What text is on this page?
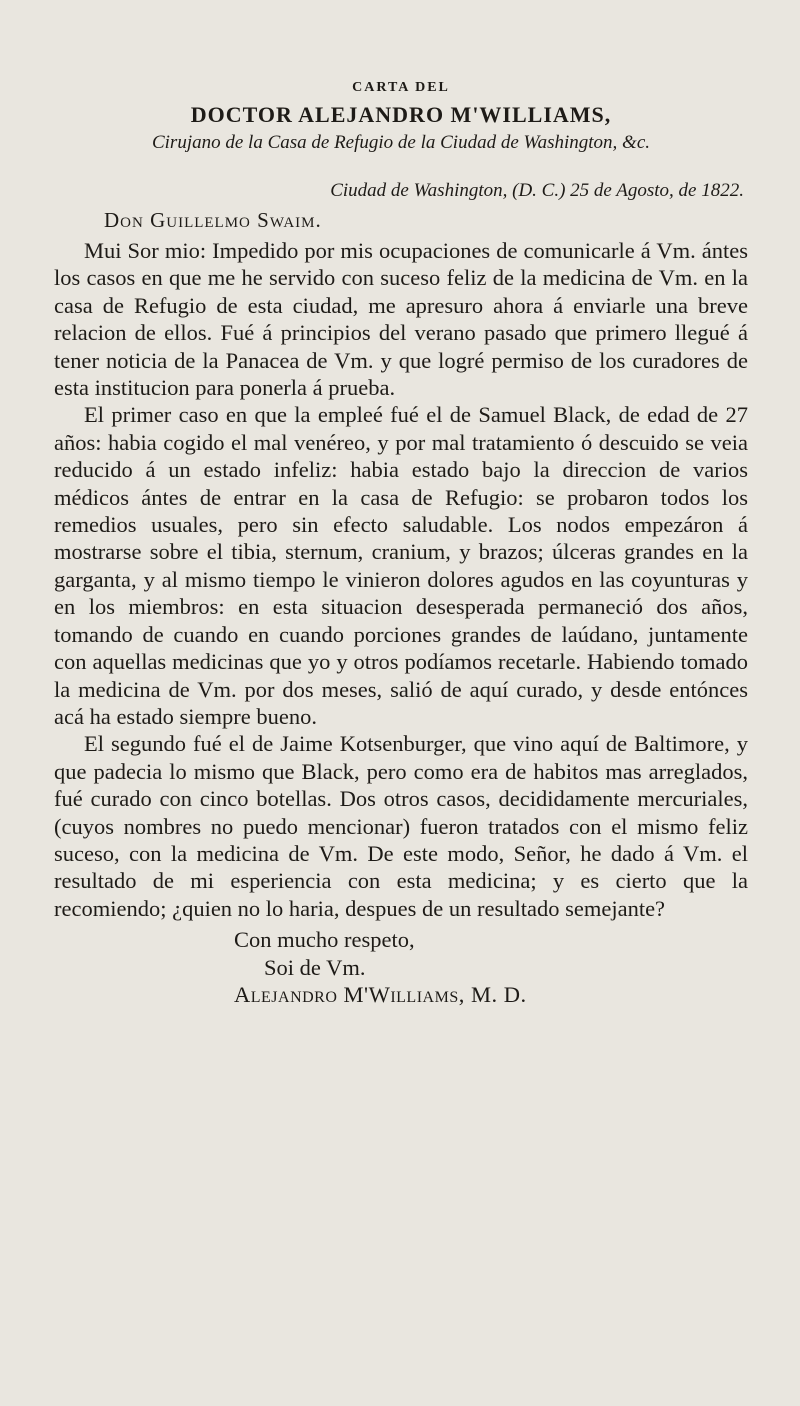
CARTA DEL
DOCTOR ALEJANDRO M'WILLIAMS,
Cirujano de la Casa de Refugio de la Ciudad de Washington, &c.
Ciudad de Washington, (D. C.) 25 de Agosto, de 1822.
Don Guillelmo Swaim.

Mui Sor mio: Impedido por mis ocupaciones de comunicarle á Vm. ántes los casos en que me he servido con suceso feliz de la medicina de Vm. en la casa de Refugio de esta ciudad, me apresuro ahora á enviarle una breve relacion de ellos. Fué á principios del verano pasado que primero llegué á tener noticia de la Panacea de Vm. y que logré permiso de los curadores de esta institucion para ponerla á prueba.

El primer caso en que la empleé fué el de Samuel Black, de edad de 27 años: habia cogido el mal venéreo, y por mal tratamiento ó descuido se veia reducido á un estado infeliz: habia estado bajo la direccion de varios médicos ántes de entrar en la casa de Refugio: se probaron todos los remedios usuales, pero sin efecto saludable. Los nodos empezáron á mostrarse sobre el tibia, sternum, cranium, y brazos; úlceras grandes en la garganta, y al mismo tiempo le vinieron dolores agudos en las coyunturas y en los miembros: en esta situacion desesperada permaneció dos años, tomando de cuando en cuando porciones grandes de laúdano, juntamente con aquellas medicinas que yo y otros podíamos recetarle. Habiendo tomado la medicina de Vm. por dos meses, salió de aquí curado, y desde entónces acá ha estado siempre bueno.

El segundo fué el de Jaime Kotsenburger, que vino aquí de Baltimore, y que padecia lo mismo que Black, pero como era de habitos mas arreglados, fué curado con cinco botellas. Dos otros casos, decididamente mercuriales, (cuyos nombres no puedo mencionar) fueron tratados con el mismo feliz suceso, con la medicina de Vm. De este modo, Señor, he dado á Vm. el resultado de mi esperiencia con esta medicina; y es cierto que la recomiendo; ¿quien no lo haria, despues de un resultado semejante?

Con mucho respeto,
Soi de Vm.
Alejandro M'Williams, M. D.
